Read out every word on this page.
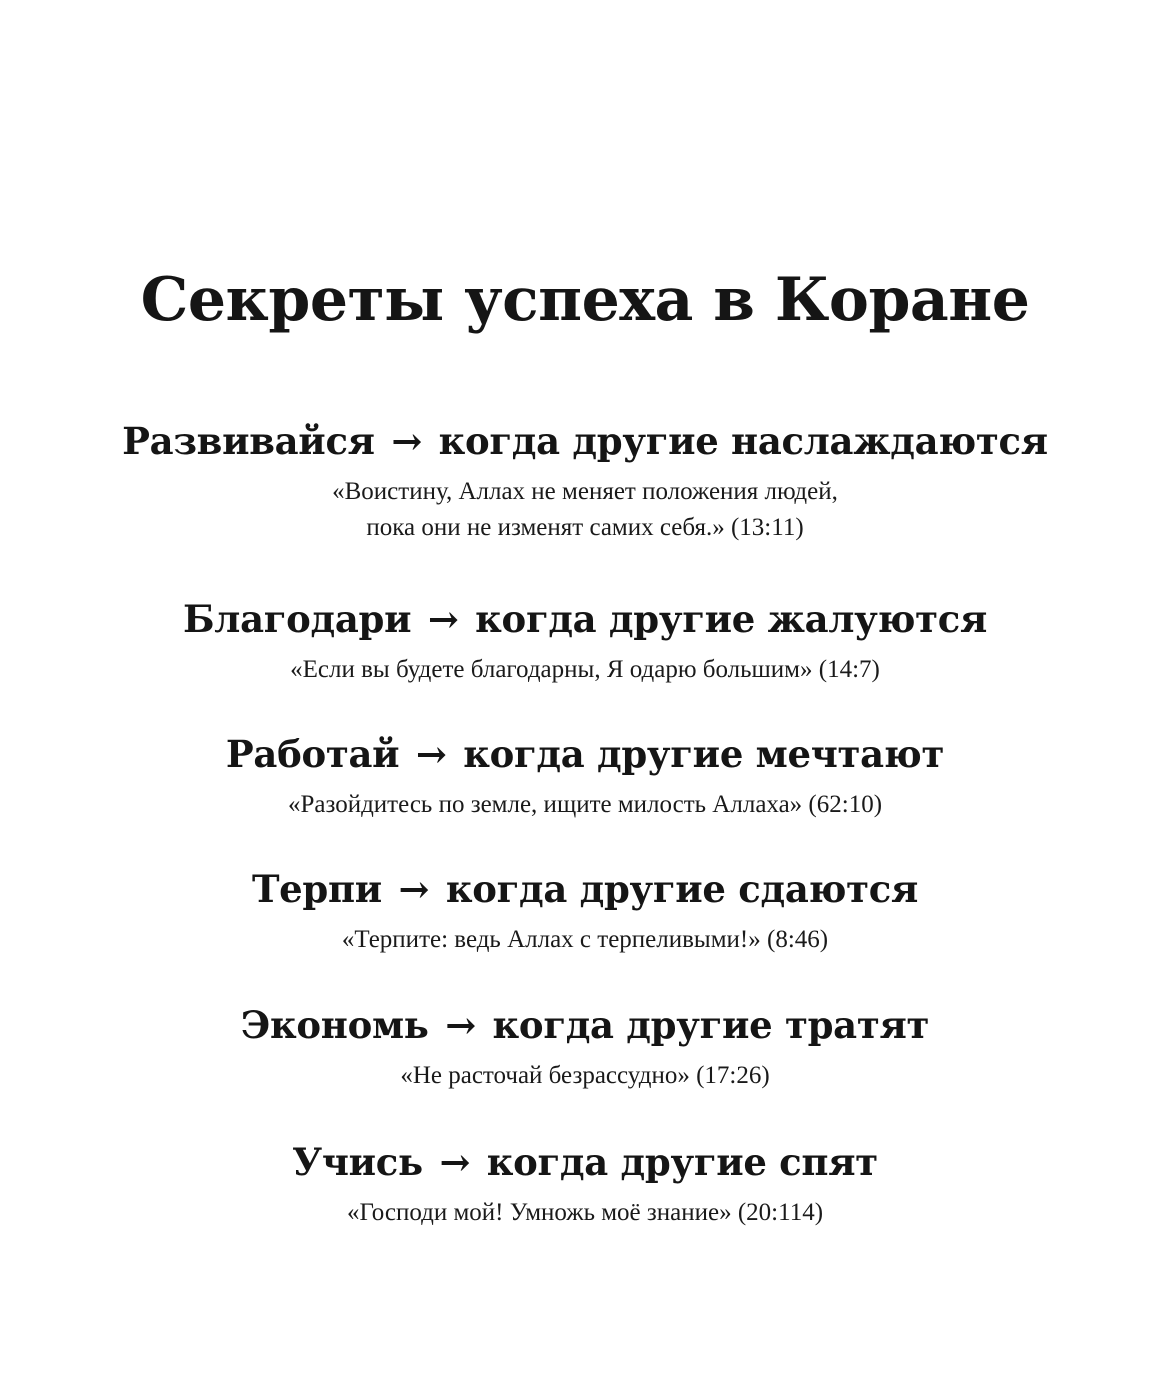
Секреты успеха в Коране
Развивайся → когда другие наслаждаются
«Воистину, Аллах не меняет положения людей,
пока они не изменят самих себя.» (13:11)
Благодари → когда другие жалуются
«Если вы будете благодарны, Я одарю большим» (14:7)
Работай → когда другие мечтают
«Разойдитесь по земле, ищите милость Аллаха» (62:10)
Терпи → когда другие сдаются
«Терпите: ведь Аллах с терпеливыми!» (8:46)
Экономь → когда другие тратят
«Не расточай безрассудно» (17:26)
Учись → когда другие спят
«Господи мой! Умножь моё знание» (20:114)
